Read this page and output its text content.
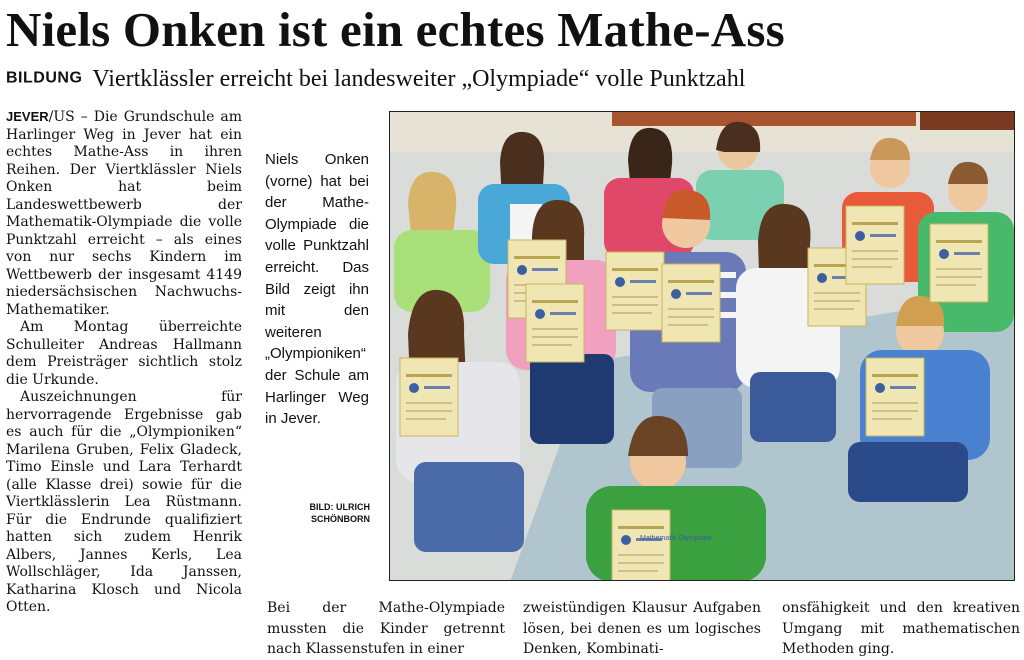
Niels Onken ist ein echtes Mathe-Ass
BILDUNG Viertklässler erreicht bei landesweiter „Olympiade“ volle Punktzahl

JEVER/US – Die Grundschule am Harlinger Weg in Jever hat ein echtes Mathe-Ass in ihren Reihen. Der Viertklässler Niels Onken hat beim Landeswettbewerb der Mathematik-Olympiade die volle Punktzahl erreicht – als eines von nur sechs Kindern im Wettbewerb der insgesamt 4149 niedersächsischen Nachwuchs-Mathematiker.

Am Montag überreichte Schulleiter Andreas Hallmann dem Preisträger sichtlich stolz die Urkunde.

Auszeichnungen für hervorragende Ergebnisse gab es auch für die „Olympioniken“ Marilena Gruben, Felix Gladeck, Timo Einsle und Lara Terhardt (alle Klasse drei) sowie für die Viertklässlerin Lea Rüstmann. Für die Endrunde qualifiziert hatten sich zudem Henrik Albers, Jannes Kerls, Lea Wollschläger, Ida Janssen, Katharina Klosch und Nicola Otten.

Niels Onken (vorne) hat bei der Mathe-Olympiade die volle Punktzahl erreicht. Das Bild zeigt ihn mit den weiteren „Olympioniken“ der Schule am Harlinger Weg in Jever.
BILD: ULRICH
SCHÖNBORN
Mathematik Olympiade
Bei der Mathe-Olympiade mussten die Kinder getrennt nach Klassenstufen in einer
zweistündigen Klausur Aufgaben lösen, bei denen es um logisches Denken, Kombinati-
onsfähigkeit und den kreativen Umgang mit mathematischen Methoden ging.
